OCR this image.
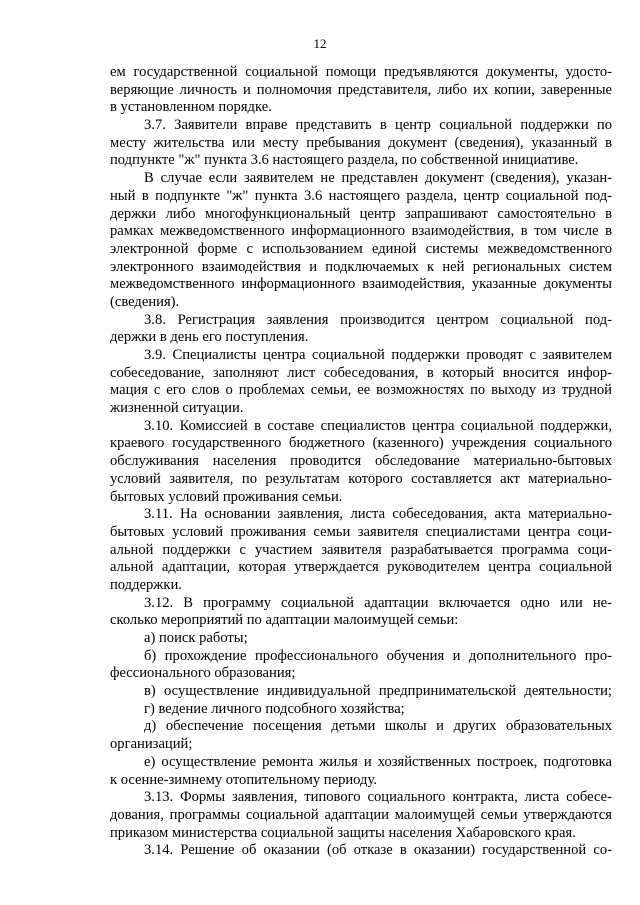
12
ем государственной социальной помощи предъявляются документы, удосто-
веряющие личность и полномочия представителя, либо их копии, заверенные
в установленном порядке.
3.7. Заявители вправе представить в центр социальной поддержки по
месту жительства или месту пребывания документ (сведения), указанный в
подпункте "ж" пункта 3.6 настоящего раздела, по собственной инициативе.
В случае если заявителем не представлен документ (сведения), указан-
ный в подпункте "ж" пункта 3.6 настоящего раздела, центр социальной под-
держки либо многофункциональный центр запрашивают самостоятельно в
рамках межведомственного информационного взаимодействия, в том числе в
электронной форме с использованием единой системы межведомственного
электронного взаимодействия и подключаемых к ней региональных систем
межведомственного информационного взаимодействия, указанные документы
(сведения).
3.8. Регистрация заявления производится центром социальной под-
держки в день его поступления.
3.9. Специалисты центра социальной поддержки проводят с заявителем
собеседование, заполняют лист собеседования, в который вносится инфор-
мация с его слов о проблемах семьи, ее возможностях по выходу из трудной
жизненной ситуации.
3.10. Комиссией в составе специалистов центра социальной поддержки,
краевого государственного бюджетного (казенного) учреждения социального
обслуживания населения проводится обследование материально-бытовых
условий заявителя, по результатам которого составляется акт материально-
бытовых условий проживания семьи.
3.11. На основании заявления, листа собеседования, акта материально-
бытовых условий проживания семьи заявителя специалистами центра соци-
альной поддержки с участием заявителя разрабатывается программа соци-
альной адаптации, которая утверждается руководителем центра социальной
поддержки.
3.12. В программу социальной адаптации включается одно или не-
сколько мероприятий по адаптации малоимущей семьи:
а) поиск работы;
б) прохождение профессионального обучения и дополнительного про-
фессионального образования;
в) осуществление индивидуальной предпринимательской деятельности;
г) ведение личного подсобного хозяйства;
д) обеспечение посещения детьми школы и других образовательных
организаций;
е) осуществление ремонта жилья и хозяйственных построек, подготовка
к осенне-зимнему отопительному периоду.
3.13. Формы заявления, типового социального контракта, листа собесе-
дования, программы социальной адаптации малоимущей семьи утверждаются
приказом министерства социальной защиты населения Хабаровского края.
3.14. Решение об оказании (об отказе в оказании) государственной со-
